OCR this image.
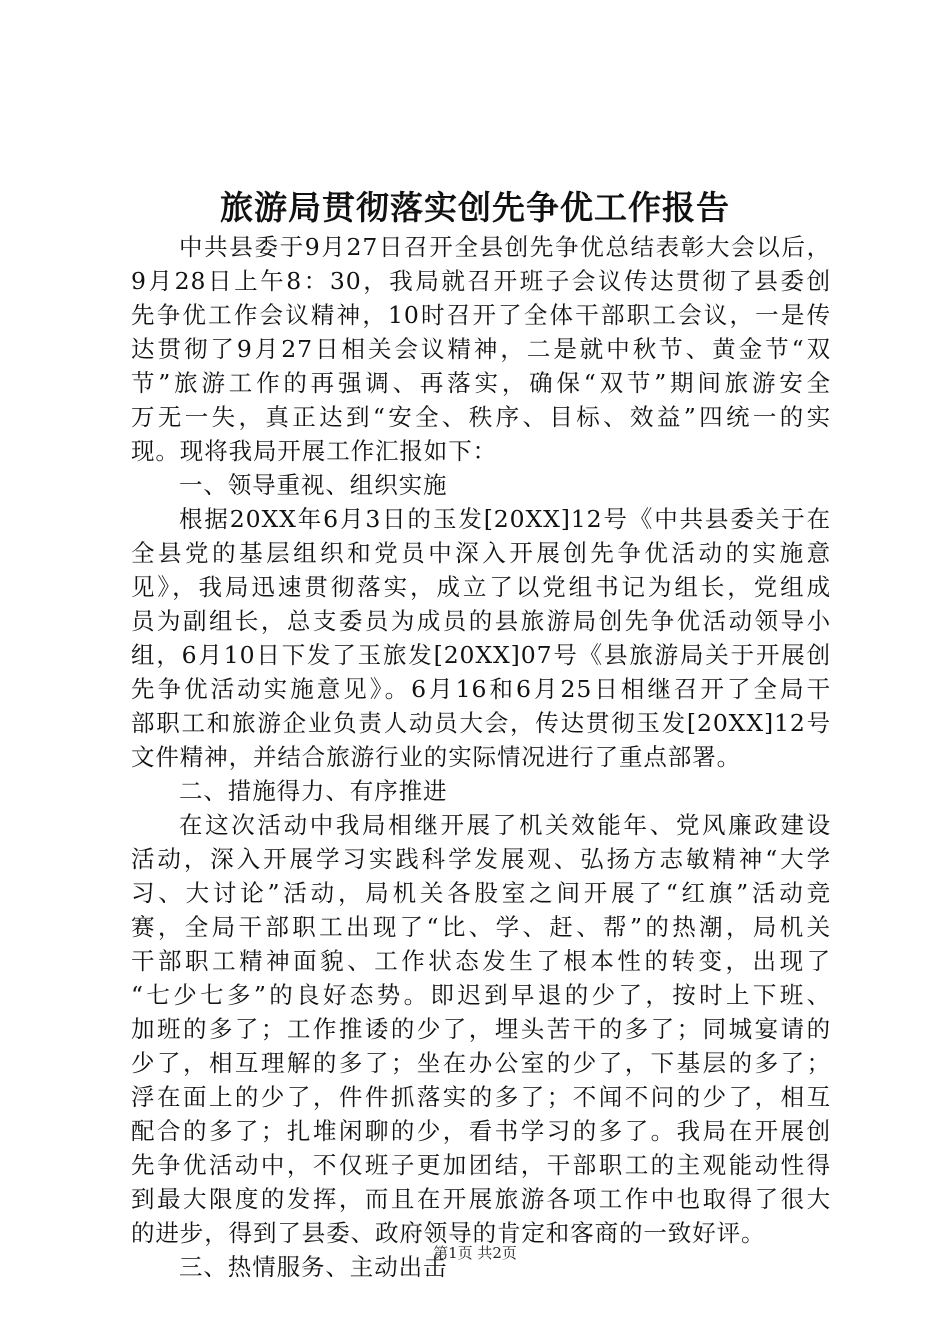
旅游局贯彻落实创先争优工作报告
中共县委于9月27日召开全县创先争优总结表彰大会以后，
9月28日上午8：30，我局就召开班子会议传达贯彻了县委创
先争优工作会议精神，10时召开了全体干部职工会议，一是传
达贯彻了9月27日相关会议精神，二是就中秋节、黄金节“双
节”旅游工作的再强调、再落实，确保“双节”期间旅游安全
万无一失，真正达到“安全、秩序、目标、效益”四统一的实
现。现将我局开展工作汇报如下：
一、领导重视、组织实施
根据20XX年6月3日的玉发[20XX]12号《中共县委关于在
全县党的基层组织和党员中深入开展创先争优活动的实施意
见》，我局迅速贯彻落实，成立了以党组书记为组长，党组成
员为副组长，总支委员为成员的县旅游局创先争优活动领导小
组，6月10日下发了玉旅发[20XX]07号《县旅游局关于开展创
先争优活动实施意见》。6月16和6月25日相继召开了全局干
部职工和旅游企业负责人动员大会，传达贯彻玉发[20XX]12号
文件精神，并结合旅游行业的实际情况进行了重点部署。
二、措施得力、有序推进
在这次活动中我局相继开展了机关效能年、党风廉政建设
活动，深入开展学习实践科学发展观、弘扬方志敏精神“大学
习、大讨论”活动，局机关各股室之间开展了“红旗”活动竞
赛，全局干部职工出现了“比、学、赶、帮”的热潮，局机关
干部职工精神面貌、工作状态发生了根本性的转变，出现了
“七少七多”的良好态势。即迟到早退的少了，按时上下班、
加班的多了；工作推诿的少了，埋头苦干的多了；同城宴请的
少了，相互理解的多了；坐在办公室的少了，下基层的多了；
浮在面上的少了，件件抓落实的多了；不闻不问的少了，相互
配合的多了；扎堆闲聊的少，看书学习的多了。我局在开展创
先争优活动中，不仅班子更加团结，干部职工的主观能动性得
到最大限度的发挥，而且在开展旅游各项工作中也取得了很大
的进步，得到了县委、政府领导的肯定和客商的一致好评。
三、热情服务、主动出击
第1页 共2页
